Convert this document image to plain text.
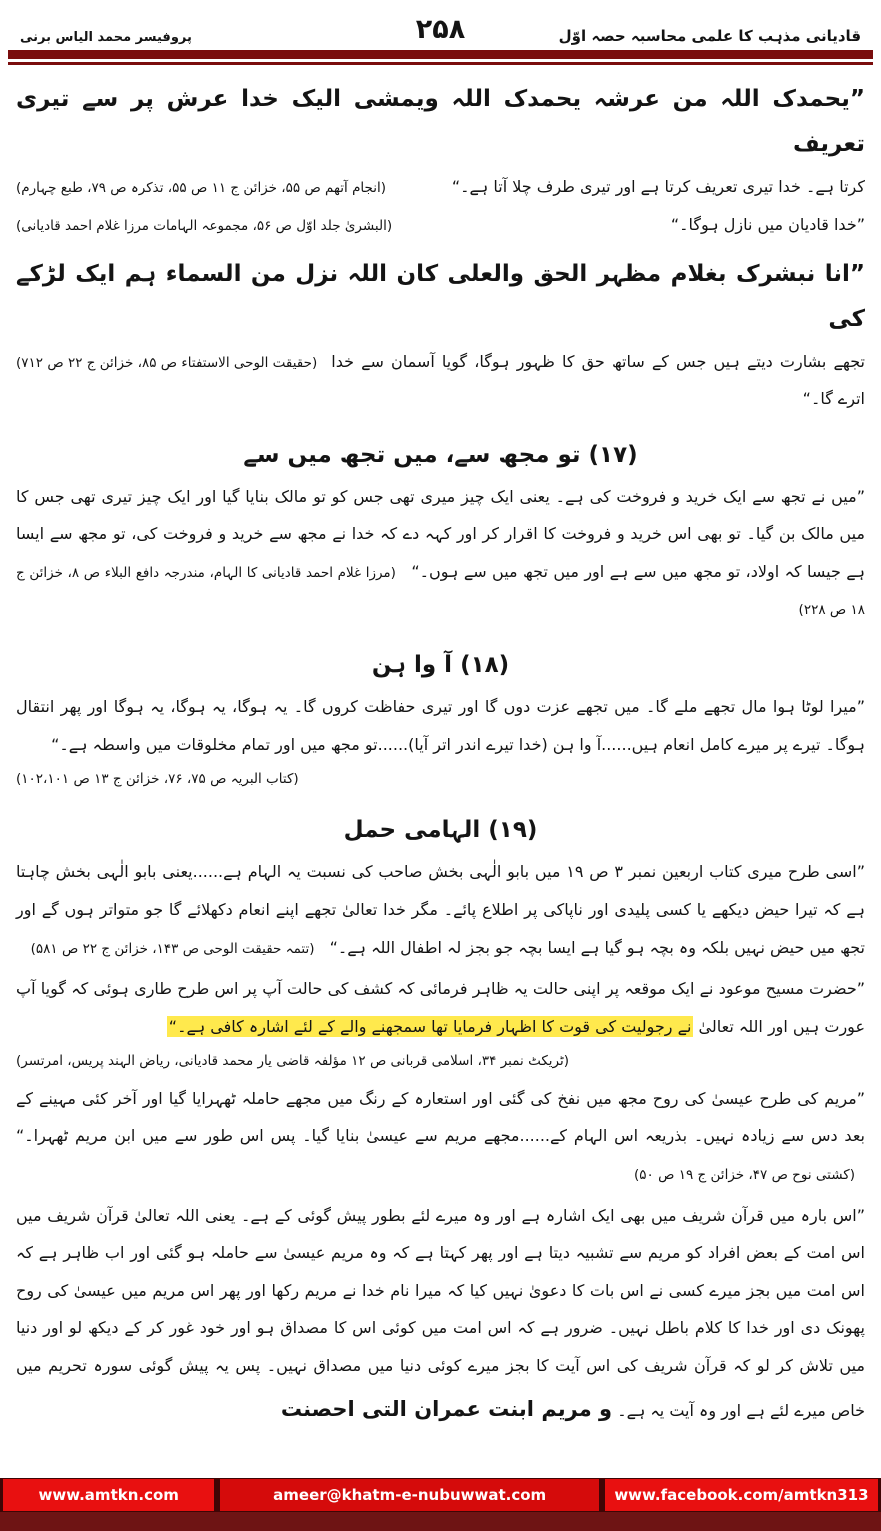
پروفیسر محمد الیاس برنی	۲۵۸	قادیانی مذہب کا علمی محاسبہ حصہ اوّل

”یحمدک اللہ من عرشہ یحمدک اللہ ویمشی الیک خدا عرش پر سے تیری تعریف

کرتا ہے۔ خدا تیری تعریف کرتا ہے اور تیری طرف چلا آتا ہے۔“
(انجام آتھم ص ۵۵، خزائن ج ۱۱ ص ۵۵، تذکرہ ص ۷۹، طبع چہارم)
”خدا قادیان میں نازل ہوگا۔“
(البشریٰ جلد اوّل ص ۵۶، مجموعہ الہامات مرزا غلام احمد قادیانی)

”انا نبشرک بغلام مظہر الحق والعلی کان اللہ نزل من السماء ہم ایک لڑکے کی

تجھے بشارت دیتے ہیں جس کے ساتھ حق کا ظہور ہوگا، گویا آسمان سے خدا اترے گا۔“
(حقیقت الوحی الاستفتاء ص ۸۵، خزائن ج ۲۲ ص ۷۱۲)
(۱۷) تو مجھ سے، میں تجھ میں سے

”میں نے تجھ سے ایک خرید و فروخت کی ہے۔ یعنی ایک چیز میری تھی جس کو تو مالک بنایا گیا اور ایک چیز تیری تھی جس کا میں مالک بن گیا۔ تو بھی اس خرید و فروخت کا اقرار کر اور کہہ دے کہ خدا نے مجھ سے خرید و فروخت کی، تو مجھ سے ایسا ہے جیسا کہ اولاد، تو مجھ میں سے ہے اور میں تجھ میں سے ہوں۔“ (مرزا غلام احمد قادیانی کا الہام، مندرجہ دافع البلاء ص ۸، خزائن ج ۱۸ ص ۲۲۸)

(۱۸) آ وا ہن

”میرا لوٹا ہوا مال تجھے ملے گا۔ میں تجھے عزت دوں گا اور تیری حفاظت کروں گا۔ یہ ہوگا، یہ ہوگا، یہ ہوگا اور پھر انتقال ہوگا۔ تیرے پر میرے کامل انعام ہیں......آ وا ہن (خدا تیرے اندر اتر آیا)......تو مجھ میں اور تمام مخلوقات میں واسطہ ہے۔“

(کتاب البریہ ص ۷۵، ۷۶، خزائن ج ۱۳ ص ۱۰۲،۱۰۱)
(۱۹) الہامی حمل

”اسی طرح میری کتاب اربعین نمبر ۳ ص ۱۹ میں بابو الٰہی بخش صاحب کی نسبت یہ الہام ہے......یعنی بابو الٰہی بخش چاہتا ہے کہ تیرا حیض دیکھے یا کسی پلیدی اور ناپاکی پر اطلاع پائے۔ مگر خدا تعالیٰ تجھے اپنے انعام دکھلائے گا جو متواتر ہوں گے اور تجھ میں حیض نہیں بلکہ وہ بچہ ہو گیا ہے ایسا بچہ جو بجز لہ اطفال اللہ ہے۔“ (تتمہ حقیقت الوحی ص ۱۴۳، خزائن ج ۲۲ ص ۵۸۱)

”حضرت مسیح موعود نے ایک موقعہ پر اپنی حالت یہ ظاہر فرمائی کہ کشف کی حالت آپ پر اس طرح طاری ہوئی کہ گویا آپ عورت ہیں اور اللہ تعالیٰ نے رجولیت کی قوت کا اظہار فرمایا تھا سمجھنے والے کے لئے اشارہ کافی ہے۔“

(ٹریکٹ نمبر ۳۴، اسلامی قربانی ص ۱۲ مؤلفہ قاضی یار محمد قادیانی، ریاض الہند پریس، امرتسر)

”مریم کی طرح عیسیٰ کی روح مجھ میں نفخ کی گئی اور استعارہ کے رنگ میں مجھے حاملہ ٹھہرایا گیا اور آخر کئی مہینے کے بعد دس سے زیادہ نہیں۔ بذریعہ اس الہام کے......مجھے مریم سے عیسیٰ بنایا گیا۔ پس اس طور سے میں ابن مریم ٹھہرا۔“ (کشتی نوح ص ۴۷، خزائن ج ۱۹ ص ۵۰)

”اس بارہ میں قرآن شریف میں بھی ایک اشارہ ہے اور وہ میرے لئے بطور پیش گوئی کے ہے۔ یعنی اللہ تعالیٰ قرآن شریف میں اس امت کے بعض افراد کو مریم سے تشبیہ دیتا ہے اور پھر کہتا ہے کہ وہ مریم عیسیٰ سے حاملہ ہو گئی اور اب ظاہر ہے کہ اس امت میں بجز میرے کسی نے اس بات کا دعویٰ نہیں کیا کہ میرا نام خدا نے مریم رکھا اور پھر اس مریم میں عیسیٰ کی روح پھونک دی اور خدا کا کلام باطل نہیں۔ ضرور ہے کہ اس امت میں کوئی اس کا مصداق ہو اور خود غور کر کے دیکھ لو اور دنیا میں تلاش کر لو کہ قرآن شریف کی اس آیت کا بجز میرے کوئی دنیا میں مصداق نہیں۔ پس یہ پیش گوئی سورہ تحریم میں خاص میرے لئے ہے اور وہ آیت یہ ہے۔ و مریم ابنت عمران التی احصنت

www.amtkn.com	ameer@khatm-e-nubuwwat.com	www.facebook.com/amtkn313
